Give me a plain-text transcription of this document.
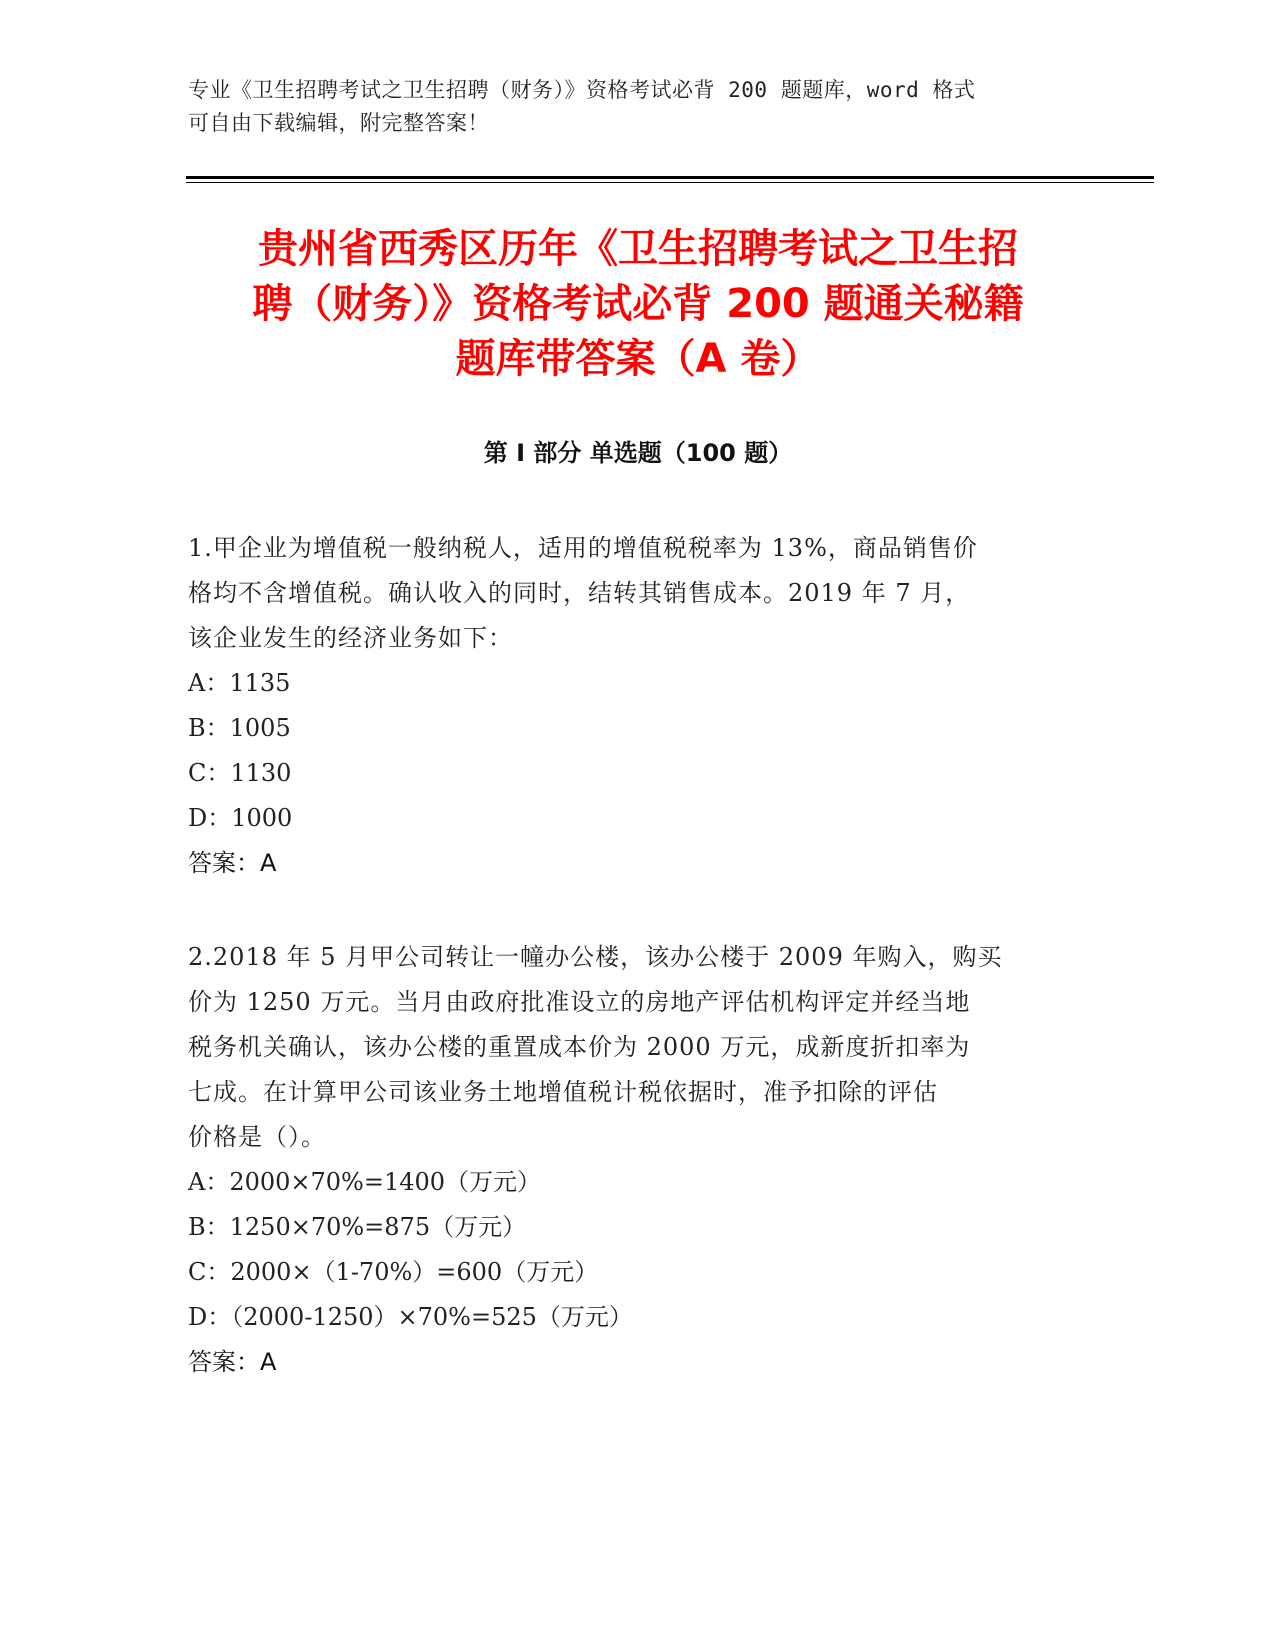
专业《卫生招聘考试之卫生招聘（财务）》资格考试必背 200 题题库，word 格式
可自由下载编辑，附完整答案！
贵州省西秀区历年《卫生招聘考试之卫生招
聘（财务）》资格考试必背 200 题通关秘籍
题库带答案（A 卷）
第 I 部分 单选题（100 题）

1.甲企业为增值税一般纳税人，适用的增值税税率为 13%，商品销售价

格均不含增值税。确认收入的同时，结转其销售成本。2019 年 7 月，

该企业发生的经济业务如下：

A：1135

B：1005

C：1130

D：1000

答案：A

2.2018 年 5 月甲公司转让一幢办公楼，该办公楼于 2009 年购入，购买

价为 1250 万元。当月由政府批准设立的房地产评估机构评定并经当地

税务机关确认，该办公楼的重置成本价为 2000 万元，成新度折扣率为

七成。在计算甲公司该业务土地增值税计税依据时，准予扣除的评估

价格是（）。

A：2000×70%=1400（万元）

B：1250×70%=875（万元）

C：2000×（1-70%）=600（万元）

D：（2000-1250）×70%=525（万元）

答案：A
